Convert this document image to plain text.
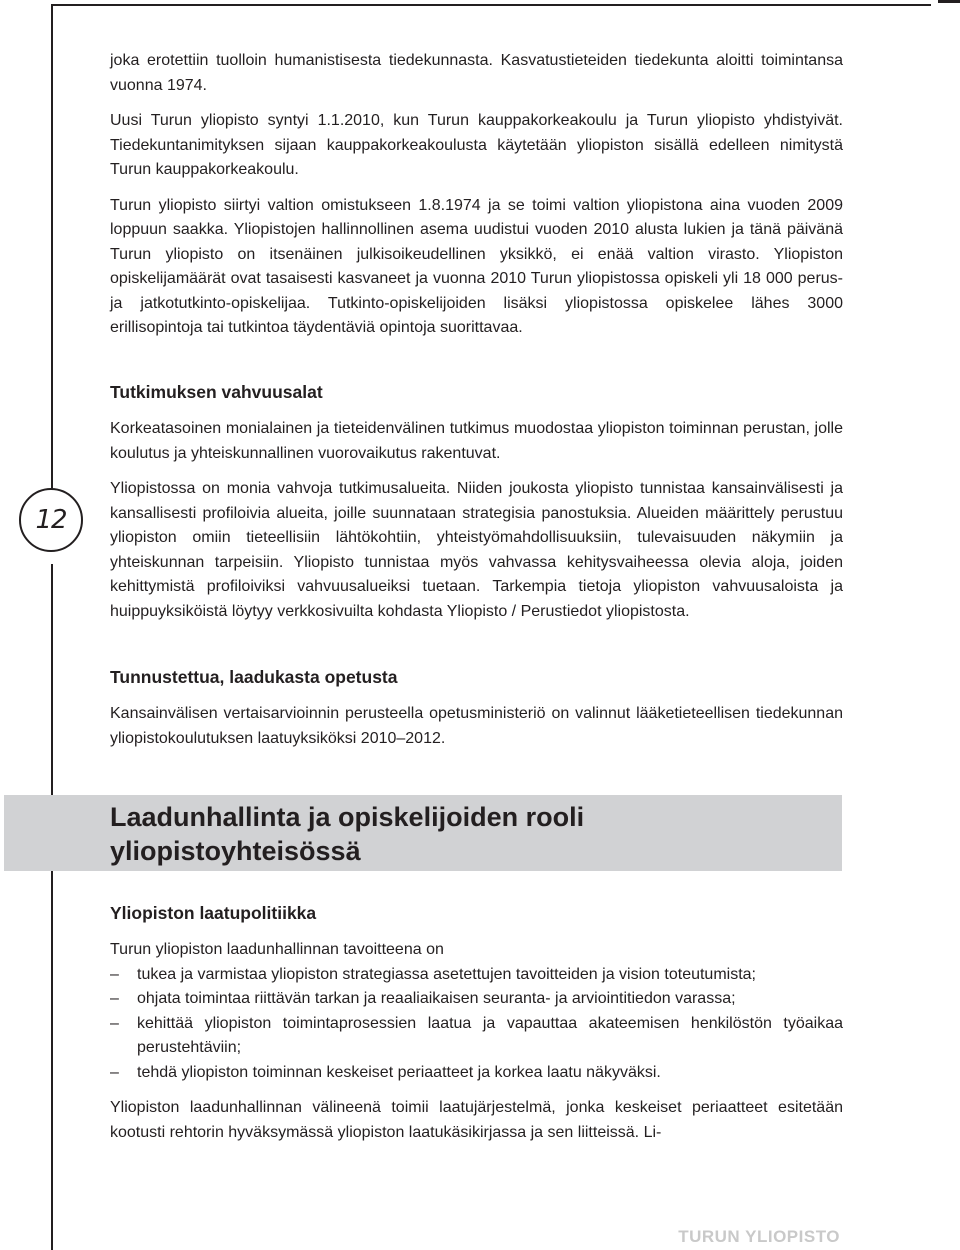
12

joka erotettiin tuolloin humanistisesta tiedekunnasta. Kasvatustieteiden tiedekunta aloitti toimintansa vuonna 1974.

Uusi Turun yliopisto syntyi 1.1.2010, kun Turun kauppakorkeakoulu ja Turun yliopisto yhdistyivät. Tiedekuntanimityksen sijaan kauppakorkeakoulusta käytetään yliopiston sisällä edelleen nimitystä Turun kauppakorkeakoulu.

Turun yliopisto siirtyi valtion omistukseen 1.8.1974 ja se toimi valtion yliopistona aina vuoden 2009 loppuun saakka. Yliopistojen hallinnollinen asema uudistui vuoden 2010 alusta lukien ja tänä päivänä Turun yliopisto on itsenäinen julkisoikeudellinen yksikkö, ei enää valtion virasto. Yliopiston opiskelijamäärät ovat tasaisesti kasvaneet ja vuonna 2010 Turun yliopistossa opiskeli yli 18 000 perus- ja jatkotutkinto-opiskelijaa. Tutkinto-opiskelijoiden lisäksi yliopistossa opiskelee lähes 3000 erillisopintoja tai tutkintoa täydentäviä opintoja suorittavaa.

Tutkimuksen vahvuusalat

Korkeatasoinen monialainen ja tieteidenvälinen tutkimus muodostaa yliopiston toiminnan perustan, jolle koulutus ja yhteiskunnallinen vuorovaikutus rakentuvat.

Yliopistossa on monia vahvoja tutkimusalueita. Niiden joukosta yliopisto tunnistaa kansainvälisesti ja kansallisesti profiloivia alueita, joille suunnataan strategisia panostuksia. Alueiden määrittely perustuu yliopiston omiin tieteellisiin lähtökohtiin, yhteistyömahdollisuuksiin, tulevaisuuden näkymiin ja yhteiskunnan tarpeisiin. Yliopisto tunnistaa myös vahvassa kehitysvaiheessa olevia aloja, joiden kehittymistä profiloiviksi vahvuusalueiksi tuetaan. Tarkempia tietoja yliopiston vahvuusaloista ja huippuyksiköistä löytyy verkkosivuilta kohdasta Yliopisto / Perustiedot yliopistosta.

Tunnustettua, laadukasta opetusta

Kansainvälisen vertaisarvioinnin perusteella opetusministeriö on valinnut lääketieteellisen tiedekunnan yliopistokoulutuksen laatuyksiköksi 2010–2012.

Laadunhallinta ja opiskelijoiden rooli
yliopistoyhteisössä
Yliopiston laatupolitiikka

Turun yliopiston laadunhallinnan tavoitteena on

– tukea ja varmistaa yliopiston strategiassa asetettujen tavoitteiden ja vision toteutumista;
– ohjata toimintaa riittävän tarkan ja reaaliaikaisen seuranta- ja arviointitiedon varassa;
– kehittää yliopiston toimintaprosessien laatua ja vapauttaa akateemisen henkilöstön työaikaa perustehtäviin;
– tehdä yliopiston toiminnan keskeiset periaatteet ja korkea laatu näkyväksi.

Yliopiston laadunhallinnan välineenä toimii laatujärjestelmä, jonka keskeiset periaatteet esitetään kootusti rehtorin hyväksymässä yliopiston laatukäsikirjassa ja sen liitteissä. Li-

TURUN YLIOPISTO
